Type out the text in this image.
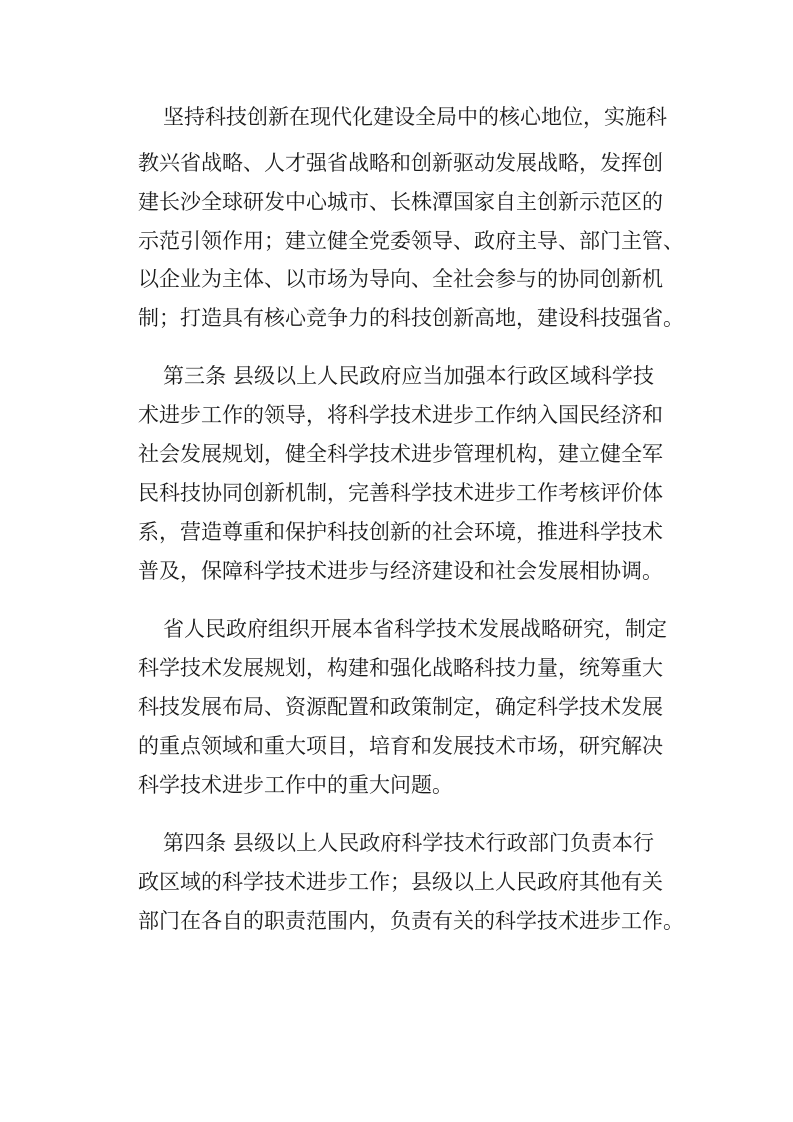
坚持科技创新在现代化建设全局中的核心地位，实施科
教兴省战略、人才强省战略和创新驱动发展战略，发挥创
建长沙全球研发中心城市、长株潭国家自主创新示范区的
示范引领作用；建立健全党委领导、政府主导、部门主管、
以企业为主体、以市场为导向、全社会参与的协同创新机
制；打造具有核心竞争力的科技创新高地，建设科技强省。
第三条 县级以上人民政府应当加强本行政区域科学技
术进步工作的领导，将科学技术进步工作纳入国民经济和
社会发展规划，健全科学技术进步管理机构，建立健全军
民科技协同创新机制，完善科学技术进步工作考核评价体
系，营造尊重和保护科技创新的社会环境，推进科学技术
普及，保障科学技术进步与经济建设和社会发展相协调。
省人民政府组织开展本省科学技术发展战略研究，制定
科学技术发展规划，构建和强化战略科技力量，统筹重大
科技发展布局、资源配置和政策制定，确定科学技术发展
的重点领域和重大项目，培育和发展技术市场，研究解决
科学技术进步工作中的重大问题。
第四条 县级以上人民政府科学技术行政部门负责本行
政区域的科学技术进步工作；县级以上人民政府其他有关
部门在各自的职责范围内，负责有关的科学技术进步工作。
